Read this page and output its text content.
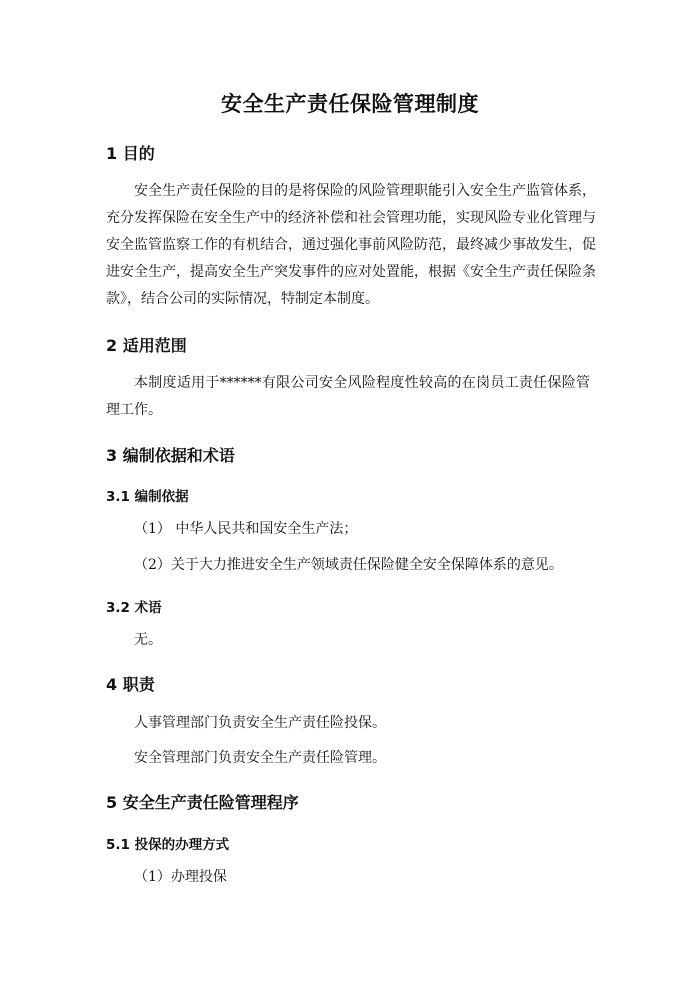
安全生产责任保险管理制度
1 目的
安全生产责任保险的目的是将保险的风险管理职能引入安全生产监管体系，
充分发挥保险在安全生产中的经济补偿和社会管理功能，实现风险专业化管理与
安全监管监察工作的有机结合，通过强化事前风险防范，最终减少事故发生，促
进安全生产，提高安全生产突发事件的应对处置能，根据《安全生产责任保险条
款》，结合公司的实际情况，特制定本制度。
2 适用范围
本制度适用于******有限公司安全风险程度性较高的在岗员工责任保险管
理工作。
3 编制依据和术语
3.1 编制依据
（1） 中华人民共和国安全生产法；
（2）关于大力推进安全生产领域责任保险健全安全保障体系的意见。
3.2 术语
无。
4 职责
人事管理部门负责安全生产责任险投保。
安全管理部门负责安全生产责任险管理。
5 安全生产责任险管理程序
5.1 投保的办理方式
（1）办理投保
